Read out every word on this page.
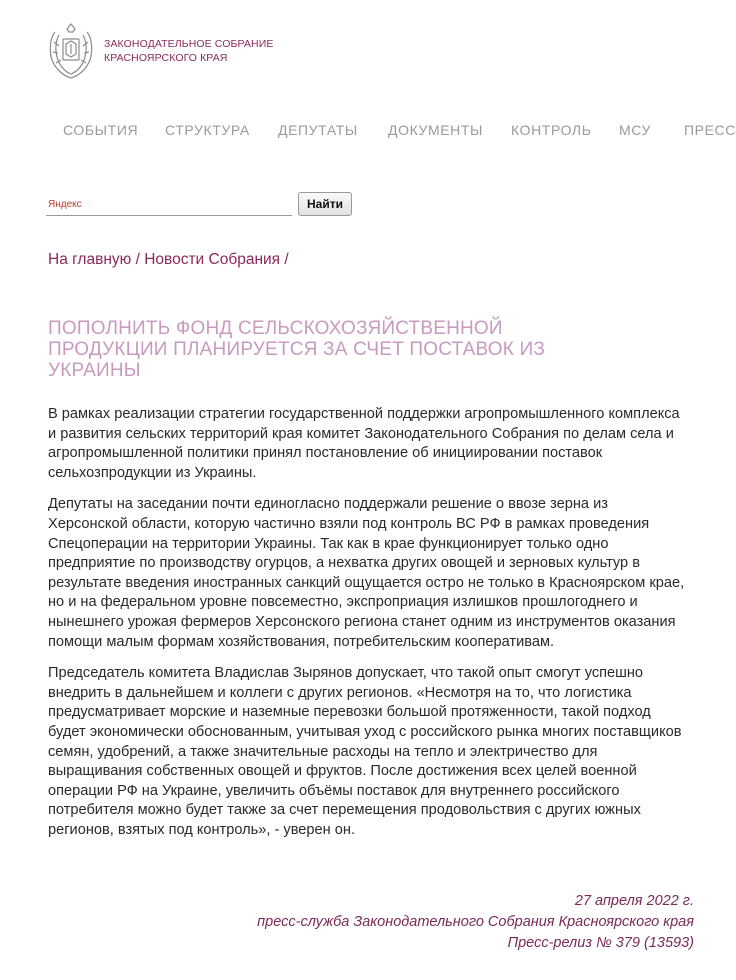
ЗАКОНОДАТЕЛЬНОЕ СОБРАНИЕ
КРАСНОЯРСКОГО КРАЯ
СОБЫТИЯ СТРУКТУРА ДЕПУТАТЫ ДОКУМЕНТЫ КОНТРОЛЬ МСУ ПРЕСС
Яндекс
Найти
На главную / Новости Собрания /
ПОПОЛНИТЬ ФОНД СЕЛЬСКОХОЗЯЙСТВЕННОЙ ПРОДУКЦИИ ПЛАНИРУЕТСЯ ЗА СЧЕТ ПОСТАВОК ИЗ УКРАИНЫ

В рамках реализации стратегии государственной поддержки агропромышленного комплекса и развития сельских территорий края комитет Законодательного Собрания по делам села и агропромышленной политики принял постановление об инициировании поставок сельхозпродукции из Украины.

Депутаты на заседании почти единогласно поддержали решение о ввозе зерна из Херсонской области, которую частично взяли под контроль ВС РФ в рамках проведения Спецоперации на территории Украины. Так как в крае функционирует только одно предприятие по производству огурцов, а нехватка других овощей и зерновых культур в результате введения иностранных санкций ощущается остро не только в Красноярском крае, но и на федеральном уровне повсеместно, экспроприация излишков прошлогоднего и нынешнего урожая фермеров Херсонского региона станет одним из инструментов оказания помощи малым формам хозяйствования, потребительским кооперативам.

Председатель комитета Владислав Зырянов допускает, что такой опыт смогут успешно внедрить в дальнейшем и коллеги с других регионов. «Несмотря на то, что логистика предусматривает морские и наземные перевозки большой протяженности, такой подход будет экономически обоснованным, учитывая уход с российского рынка многих поставщиков семян, удобрений, а также значительные расходы на тепло и электричество для выращивания собственных овощей и фруктов. После достижения всех целей военной операции РФ на Украине, увеличить объёмы поставок для внутреннего российского потребителя можно будет также за счет перемещения продовольствия с других южных регионов, взятых под контроль», - уверен он.

27 апреля 2022 г.
пресс-служба Законодательного Собрания Красноярского края
Пресс-релиз № 379 (13593)
